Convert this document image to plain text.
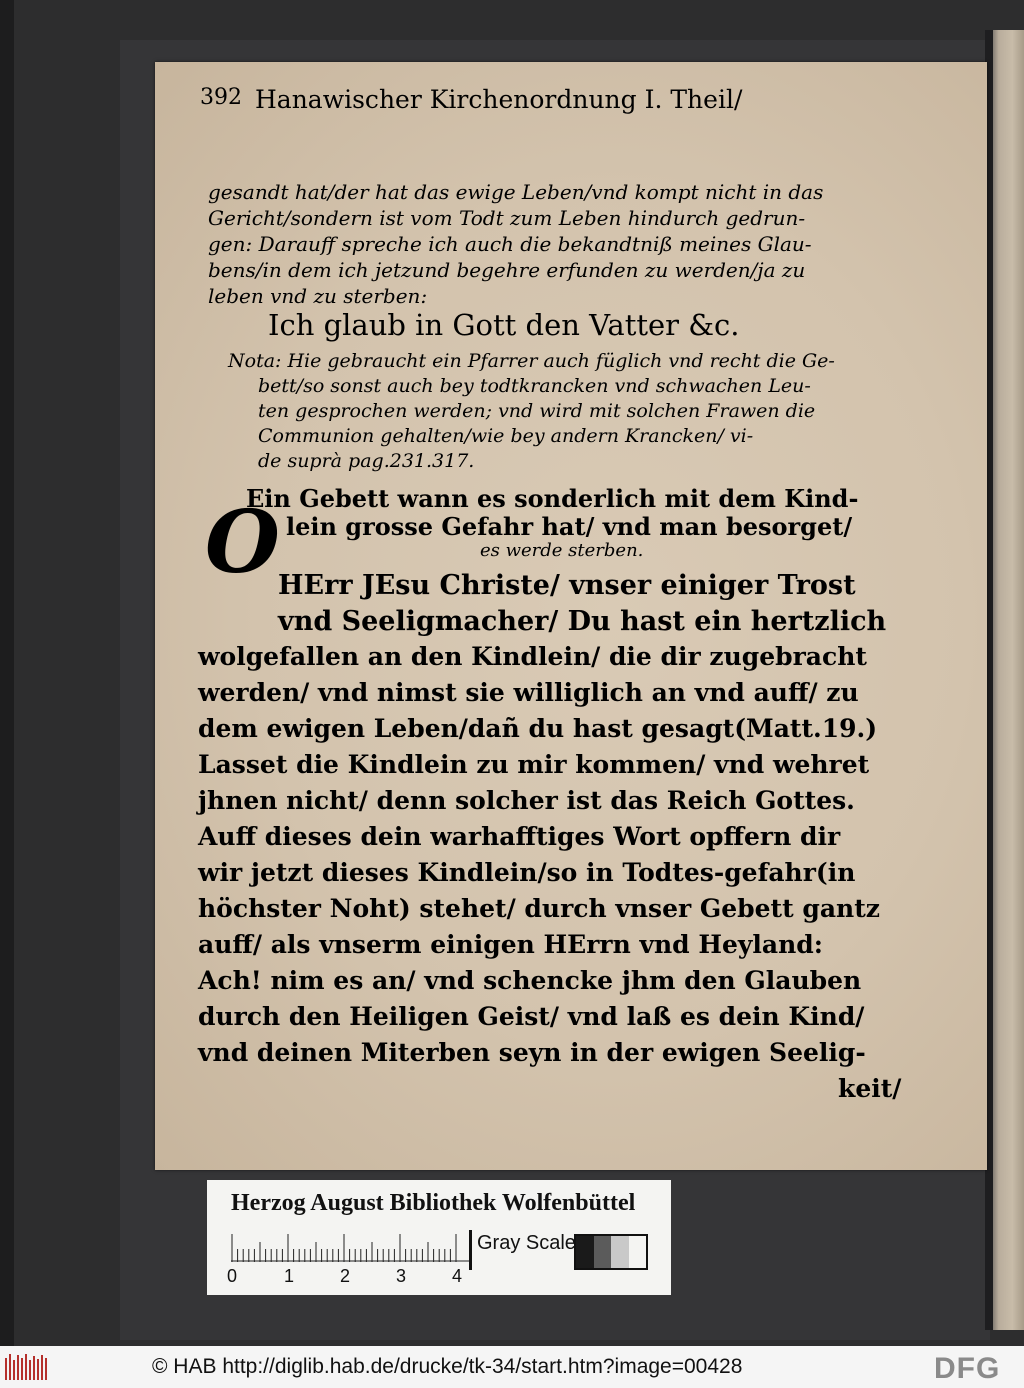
392 Hanawischer Kirchenordnung I. Theil/
gesandt hat/der hat das ewige Leben/vnd kompt nicht in das
Gericht/sondern ist vom Todt zum Leben hindurch gedrun-
gen: Darauff spreche ich auch die bekandtniß meines Glau-
bens/in dem ich jetzund begehre erfunden zu werden/ja zu
leben vnd zu sterben:
Ich glaub in Gott den Vatter &c.
Nota: Hie gebraucht ein Pfarrer auch füglich vnd recht die Ge-
bett/so sonst auch bey todtkrancken vnd schwachen Leu-
ten gesprochen werden; vnd wird mit solchen Frawen die
Communion gehalten/wie bey andern Krancken/ vi-
de suprà pag.231.317.
Ein Gebett wann es sonderlich mit dem Kind-
lein grosse Gefahr hat/ vnd man besorget/
es werde sterben.
O
HErr JEsu Christe/ vnser einiger Trost
vnd Seeligmacher/ Du hast ein hertzlich
wolgefallen an den Kindlein/ die dir zugebracht
werden/ vnd nimst sie williglich an vnd auff/ zu
dem ewigen Leben/dañ du hast gesagt(Matt.19.)
Lasset die Kindlein zu mir kommen/ vnd wehret
jhnen nicht/ denn solcher ist das Reich Gottes.
Auff dieses dein warhafftiges Wort opffern dir
wir jetzt dieses Kindlein/so in Todtes-gefahr(in
höchster Noht) stehet/ durch vnser Gebett gantz
auff/ als vnserm einigen HErrn vnd Heyland:
Ach! nim es an/ vnd schencke jhm den Glauben
durch den Heiligen Geist/ vnd laß es dein Kind/
vnd deinen Miterben seyn in der ewigen Seelig-
keit/
Herzog August Bibliothek Wolfenbüttel
0	1	2	3	4
Gray Scale
© HAB http://diglib.hab.de/drucke/tk-34/start.htm?image=00428	DFG
